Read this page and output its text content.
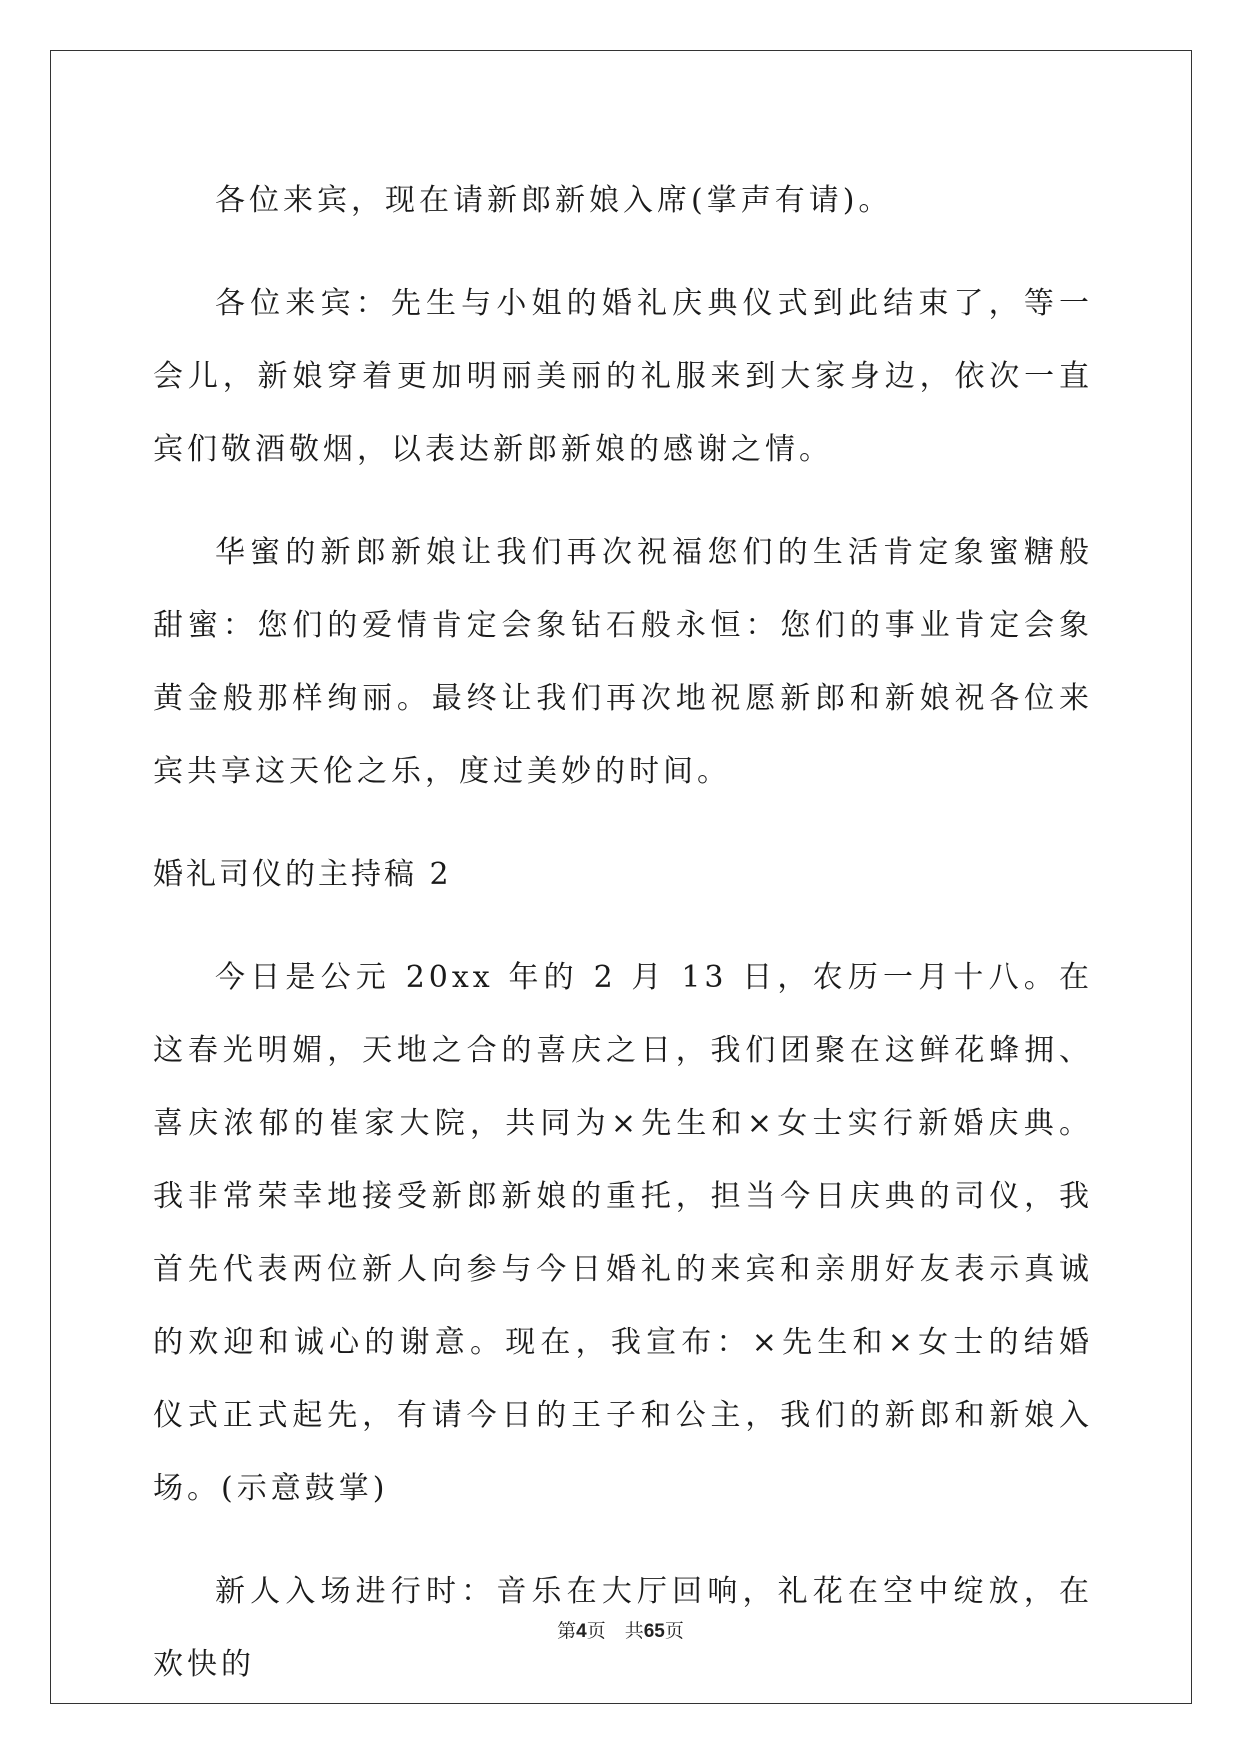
各位来宾，现在请新郎新娘入席(掌声有请)。

各位来宾：先生与小姐的婚礼庆典仪式到此结束了，等一会儿，新娘穿着更加明丽美丽的礼服来到大家身边，依次一直宾们敬酒敬烟，以表达新郎新娘的感谢之情。

华蜜的新郎新娘让我们再次祝福您们的生活肯定象蜜糖般甜蜜：您们的爱情肯定会象钻石般永恒：您们的事业肯定会象黄金般那样绚丽。最终让我们再次地祝愿新郎和新娘祝各位来宾共享这天伦之乐，度过美妙的时间。

婚礼司仪的主持稿 2

今日是公元 20xx 年的 2 月 13 日，农历一月十八。在这春光明媚，天地之合的喜庆之日，我们团聚在这鲜花蜂拥、喜庆浓郁的崔家大院，共同为×先生和×女士实行新婚庆典。我非常荣幸地接受新郎新娘的重托，担当今日庆典的司仪，我首先代表两位新人向参与今日婚礼的来宾和亲朋好友表示真诚的欢迎和诚心的谢意。现在，我宣布：×先生和×女士的结婚仪式正式起先，有请今日的王子和公主，我们的新郎和新娘入场。(示意鼓掌)

新人入场进行时：音乐在大厅回响，礼花在空中绽放，在欢快的

第4页　共65页
